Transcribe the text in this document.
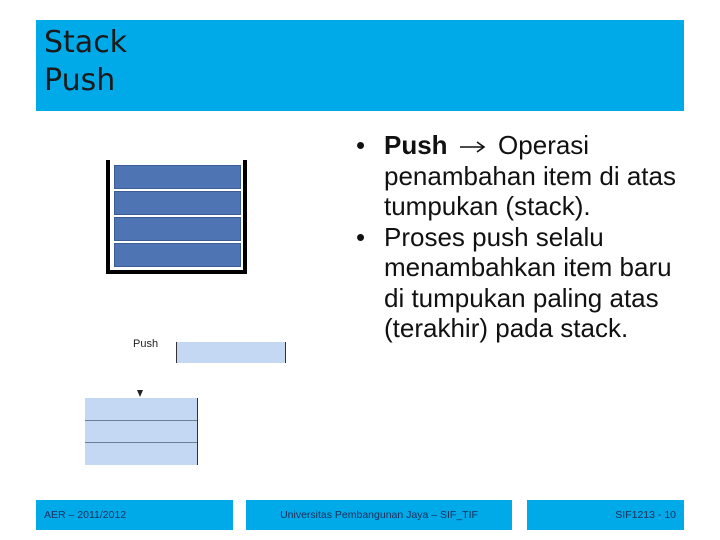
Stack
Push
Push
• Push Operasi penambahan item di atas tumpukan (stack).
• Proses push selalu menambahkan item baru di tumpukan paling atas (terakhir) pada stack.
AER – 2011/2012	Universitas Pembangunan Jaya – SIF_TIF	SIF1213 - 10
